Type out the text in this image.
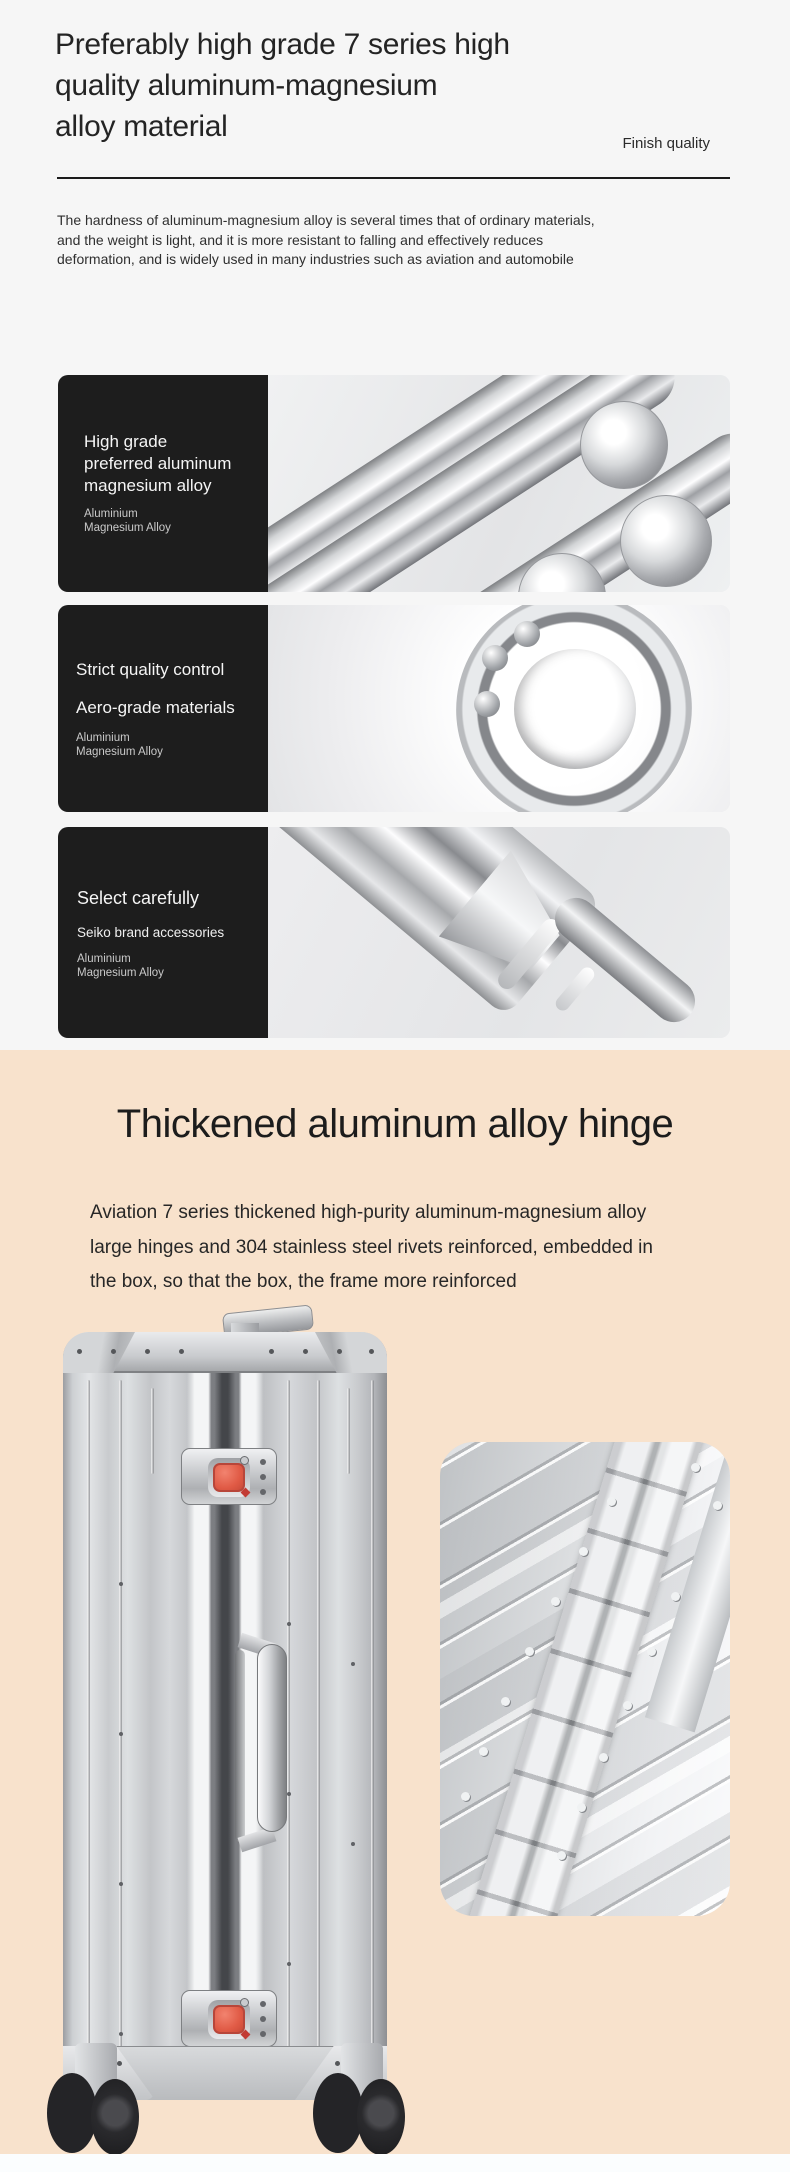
Preferably high grade 7 series high
quality aluminum-magnesium
alloy material
Finish quality
The hardness of aluminum-magnesium alloy is several times that of ordinary materials,
and the weight is light, and it is more resistant to falling and effectively reduces
deformation, and is widely used in many industries such as aviation and automobile
High grade
preferred aluminum
magnesium alloy
Aluminium
Magnesium Alloy
Strict quality control
Aero-grade materials
Aluminium
Magnesium Alloy
Select carefully
Seiko brand accessories
Aluminium
Magnesium Alloy
Thickened aluminum alloy hinge
Aviation 7 series thickened high-purity aluminum-magnesium alloy
large hinges and 304 stainless steel rivets reinforced, embedded in
the box, so that the box, the frame more reinforced
